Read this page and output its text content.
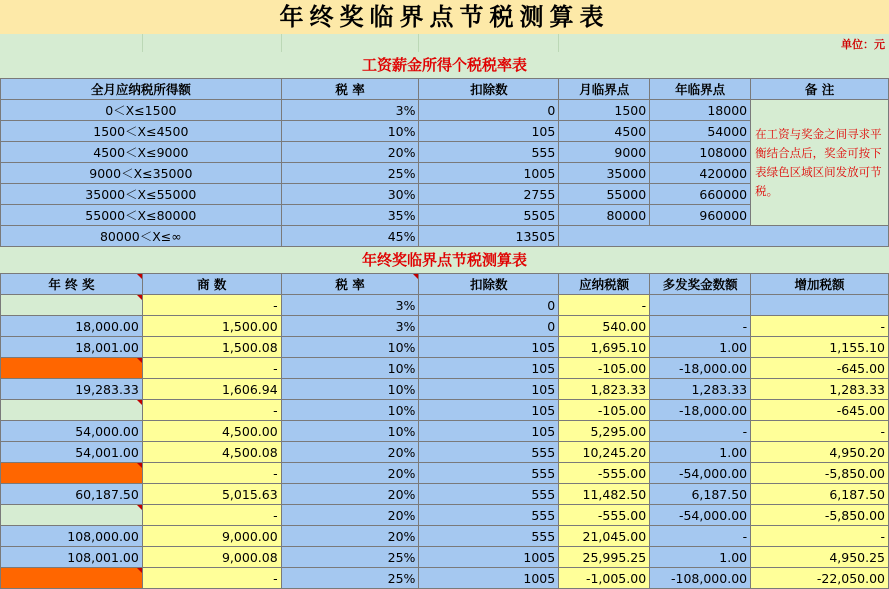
年终奖临界点节税测算表
单位：元
工资薪金所得个税税率表
全月应纳税所得额	税 率	扣除数	月临界点	年临界点	备 注
0＜X≤1500	3%	0	1500	18000	在工资与奖金之间寻求平衡结合点后，奖金可按下表绿色区域区间发放可节税。
1500＜X≤4500	10%	105	4500	54000	
4500＜X≤9000	20%	555	9000	108000	
9000＜X≤35000	25%	1005	35000	420000	
35000＜X≤55000	30%	2755	55000	660000	
55000＜X≤80000	35%	5505	80000	960000	
80000＜X≤∞	45%	13505			
年终奖临界点节税测算表
年 终 奖	商 数	税 率	扣除数	应纳税额	多发奖金数额	增加税额
	-	3%	0	-		
18,000.00	1,500.00	3%	0	540.00	-	-
18,001.00	1,500.08	10%	105	1,695.10	1.00	1,155.10
	-	10%	105	-105.00	-18,000.00	-645.00
19,283.33	1,606.94	10%	105	1,823.33	1,283.33	1,283.33
	-	10%	105	-105.00	-18,000.00	-645.00
54,000.00	4,500.00	10%	105	5,295.00	-	-
54,001.00	4,500.08	20%	555	10,245.20	1.00	4,950.20
	-	20%	555	-555.00	-54,000.00	-5,850.00
60,187.50	5,015.63	20%	555	11,482.50	6,187.50	6,187.50
	-	20%	555	-555.00	-54,000.00	-5,850.00
108,000.00	9,000.00	20%	555	21,045.00	-	-
108,001.00	9,000.08	25%	1005	25,995.25	1.00	4,950.25
	-	25%	1005	-1,005.00	-108,000.00	-22,050.00
